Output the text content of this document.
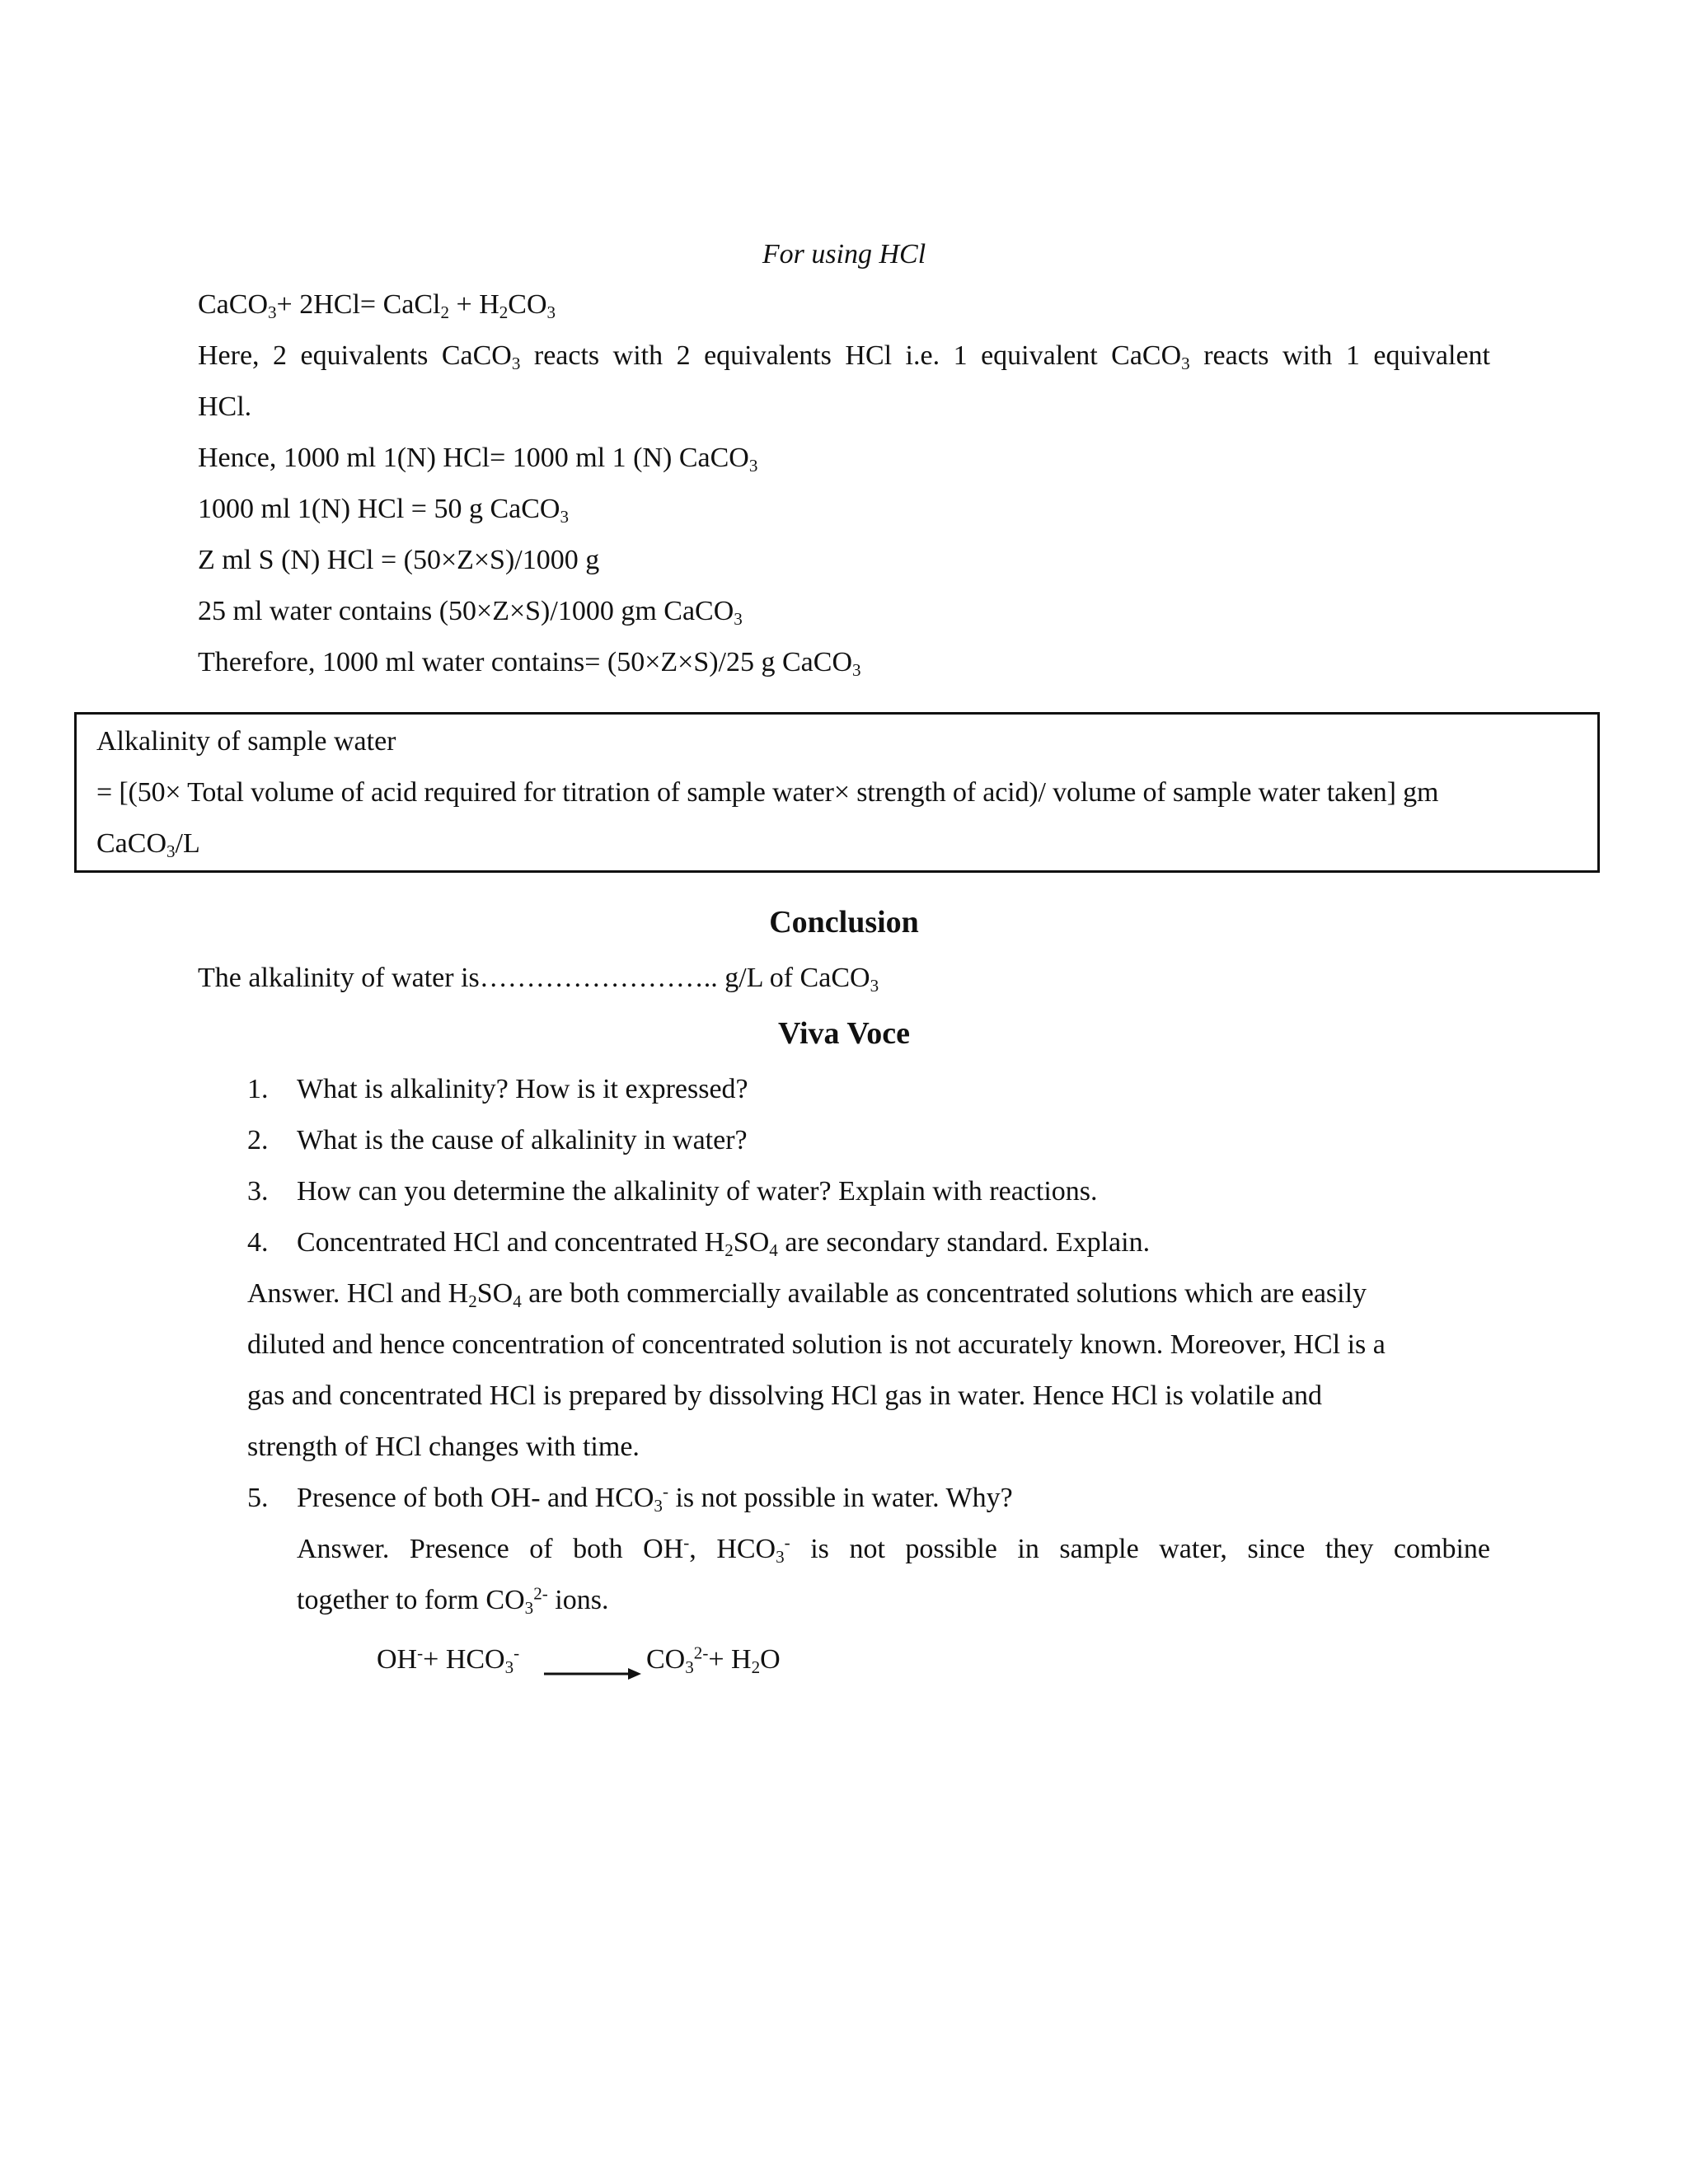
For using HCl
CaCO$_3$+ 2HCl= CaCl$_2$ + $H_2CO_3$
Here, 2 equivalents CaCO$_3$ reacts with 2 equivalents HCl i.e. 1 equivalent CaCO$_3$ reacts with 1 equivalent
HCl.
Hence, 1000 ml 1(N) HCl= 1000 ml 1 (N) CaCO$_3$
1000 ml 1(N) HCl = 50 g CaCO$_3$
Z ml S (N) HCl = (50×Z×S)/1000 g
25 ml water contains (50×Z×S)/1000 gm CaCO$_3$
Therefore, 1000 ml water contains= (50×Z×S)/25 g CaCO$_3$
Alkalinity of sample water
= [(50× Total volume of acid required for titration of sample water× strength of acid)/ volume of sample water taken] gm
CaCO$_3$/L
Conclusion
The alkalinity of water is…………………….. g/L of CaCO$_3$
Viva Voce
1. What is alkalinity? How is it expressed?
2. What is the cause of alkalinity in water?
3. How can you determine the alkalinity of water? Explain with reactions.
4. Concentrated HCl and concentrated $H_2SO_4$ are secondary standard. Explain.
Answer. HCl and $H_2SO_4$ are both commercially available as concentrated solutions which are easily
diluted and hence concentration of concentrated solution is not accurately known. Moreover, HCl is a
gas and concentrated HCl is prepared by dissolving HCl gas in water. Hence HCl is volatile and
strength of HCl changes with time.
5. Presence of both OH- and $HCO_3^-$ is not possible in water. Why?
Answer. Presence of both OH-, $HCO_3^-$ is not possible in sample water, since they combine
together to form $CO_3^{2-}$ ions.
$OH^-+ HCO_3^- \to CO_3^{2-}+ H_2O$
